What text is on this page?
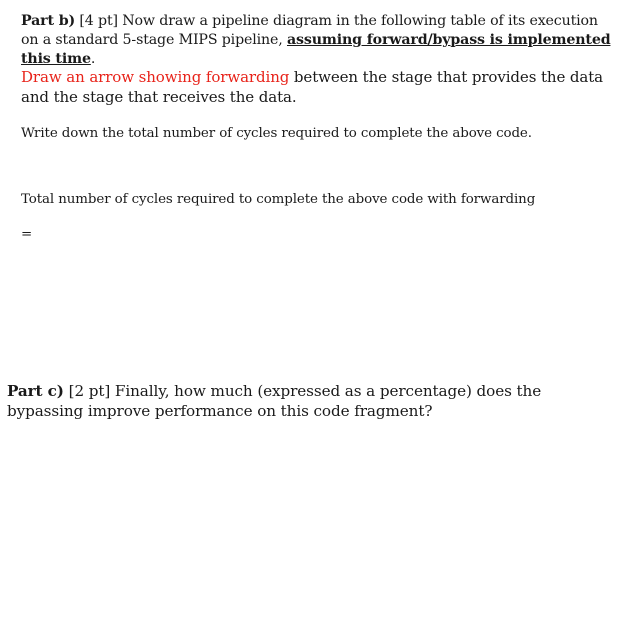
Part b) [4 pt] Now draw a pipeline diagram in the following table of its execution on a standard 5-stage MIPS pipeline, assuming forward/bypass is implemented this time.
Draw an arrow showing forwarding between the stage that provides the data and the stage that receives the data.
Write down the total number of cycles required to complete the above code.
Total number of cycles required to complete the above code with forwarding
=
Part c) [2 pt] Finally, how much (expressed as a percentage) does the bypassing improve performance on this code fragment?
